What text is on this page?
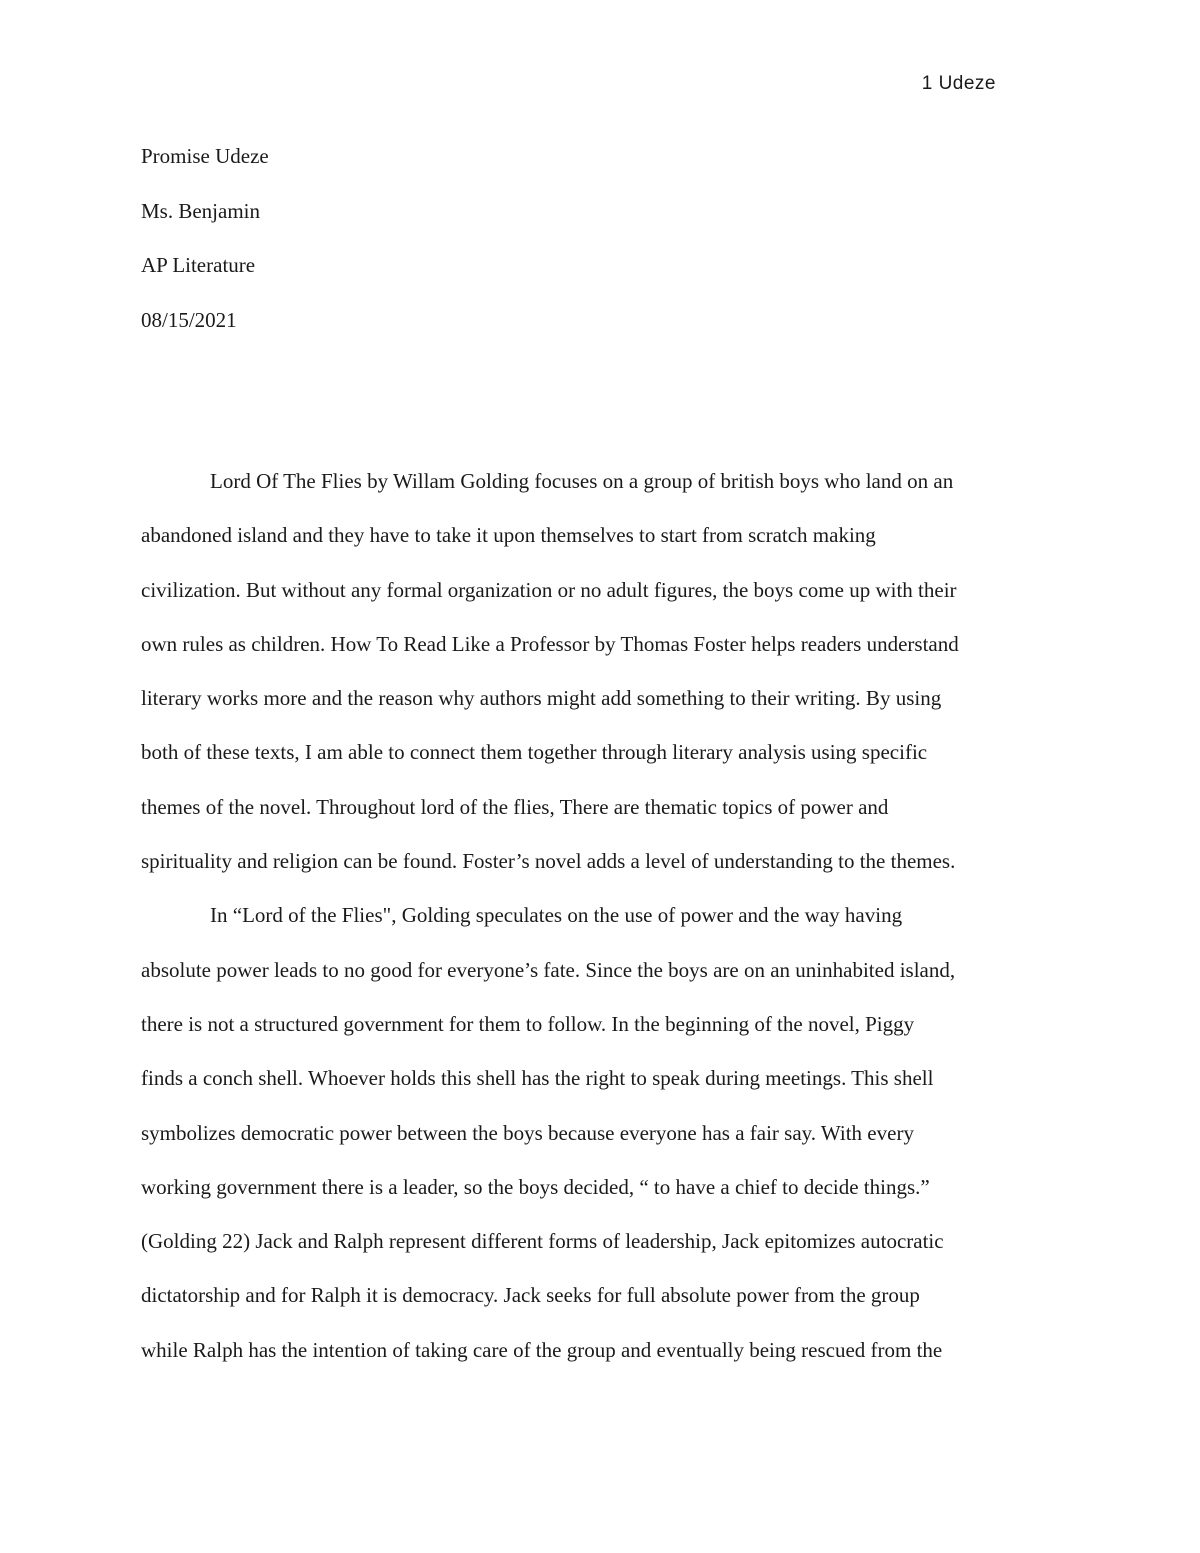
1 Udeze
Promise Udeze
Ms. Benjamin
AP Literature
08/15/2021
Lord Of The Flies by Willam Golding focuses on a group of british boys who land on an
abandoned island and they have to take it upon themselves to start from scratch making
civilization. But without any formal organization or no adult figures, the boys come up with their
own rules as children. How To Read Like a Professor by Thomas Foster helps readers understand
literary works more and the reason why authors might add something to their writing. By using
both of these texts, I am able to connect them together through literary analysis using specific
themes of the novel. Throughout lord of the flies, There are thematic topics of power and
spirituality and religion can be found. Foster’s novel adds a level of understanding to the themes.
In “Lord of the Flies", Golding speculates on the use of power and the way having
absolute power leads to no good for everyone’s fate. Since the boys are on an uninhabited island,
there is not a structured government for them to follow. In the beginning of the novel, Piggy
finds a conch shell. Whoever holds this shell has the right to speak during meetings. This shell
symbolizes democratic power between the boys because everyone has a fair say. With every
working government there is a leader, so the boys decided, “ to have a chief to decide things.”
(Golding 22) Jack and Ralph represent different forms of leadership, Jack epitomizes autocratic
dictatorship and for Ralph it is democracy. Jack seeks for full absolute power from the group
while Ralph has the intention of taking care of the group and eventually being rescued from the
